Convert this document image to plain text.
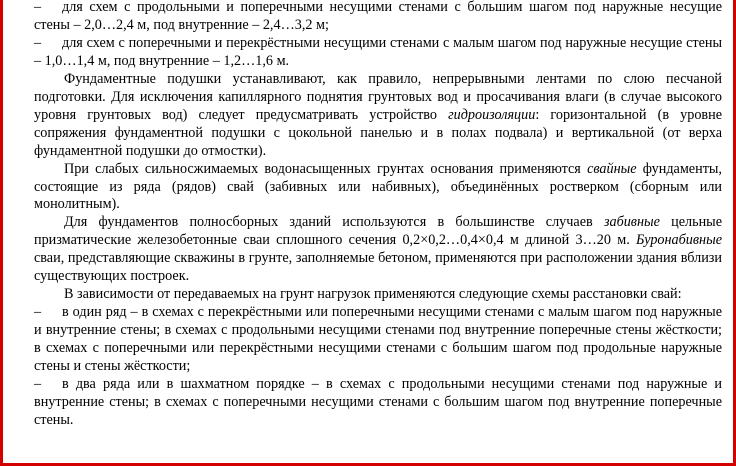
– для схем с продольными и поперечными несущими стенами с большим шагом под наружные несущие стены – 2,0…2,4 м, под внутренние – 2,4…3,2 м;

– для схем с поперечными и перекрёстными несущими стенами с малым шагом под наружные несущие стены – 1,0…1,4 м, под внутренние – 1,2…1,6 м.

Фундаментные подушки устанавливают, как правило, непрерывными лентами по слою песчаной подготовки. Для исключения капиллярного поднятия грунтовых вод и просачивания влаги (в случае высокого уровня грунтовых вод) следует предусматривать устройство гидроизоляции: горизонтальной (в уровне сопряжения фундаментной подушки с цокольной панелью и в полах подвала) и вертикальной (от верха фундаментной подушки до отмостки).

При слабых сильносжимаемых водонасыщенных грунтах основания применяются свайные фундаменты, состоящие из ряда (рядов) свай (забивных или набивных), объединённых ростверком (сборным или монолитным).

Для фундаментов полносборных зданий используются в большинстве случаев забивные цельные призматические железобетонные сваи сплошного сечения 0,2×0,2…0,4×0,4 м длиной 3…20 м. Буронабивные сваи, представляющие скважины в грунте, заполняемые бетоном, применяются при расположении здания вблизи существующих построек.

В зависимости от передаваемых на грунт нагрузок применяются следующие схемы расстановки свай:

– в один ряд – в схемах с перекрёстными или поперечными несущими стенами с малым шагом под наружные и внутренние стены; в схемах с продольными несущими стенами под внутренние поперечные стены жёсткости; в схемах с поперечными или перекрёстными несущими стенами с большим шагом под продольные наружные стены и стены жёсткости;

– в два ряда или в шахматном порядке – в схемах с продольными несущими стенами под наружные и внутренние стены; в схемах с поперечными несущими стенами с большим шагом под внутренние поперечные стены.
